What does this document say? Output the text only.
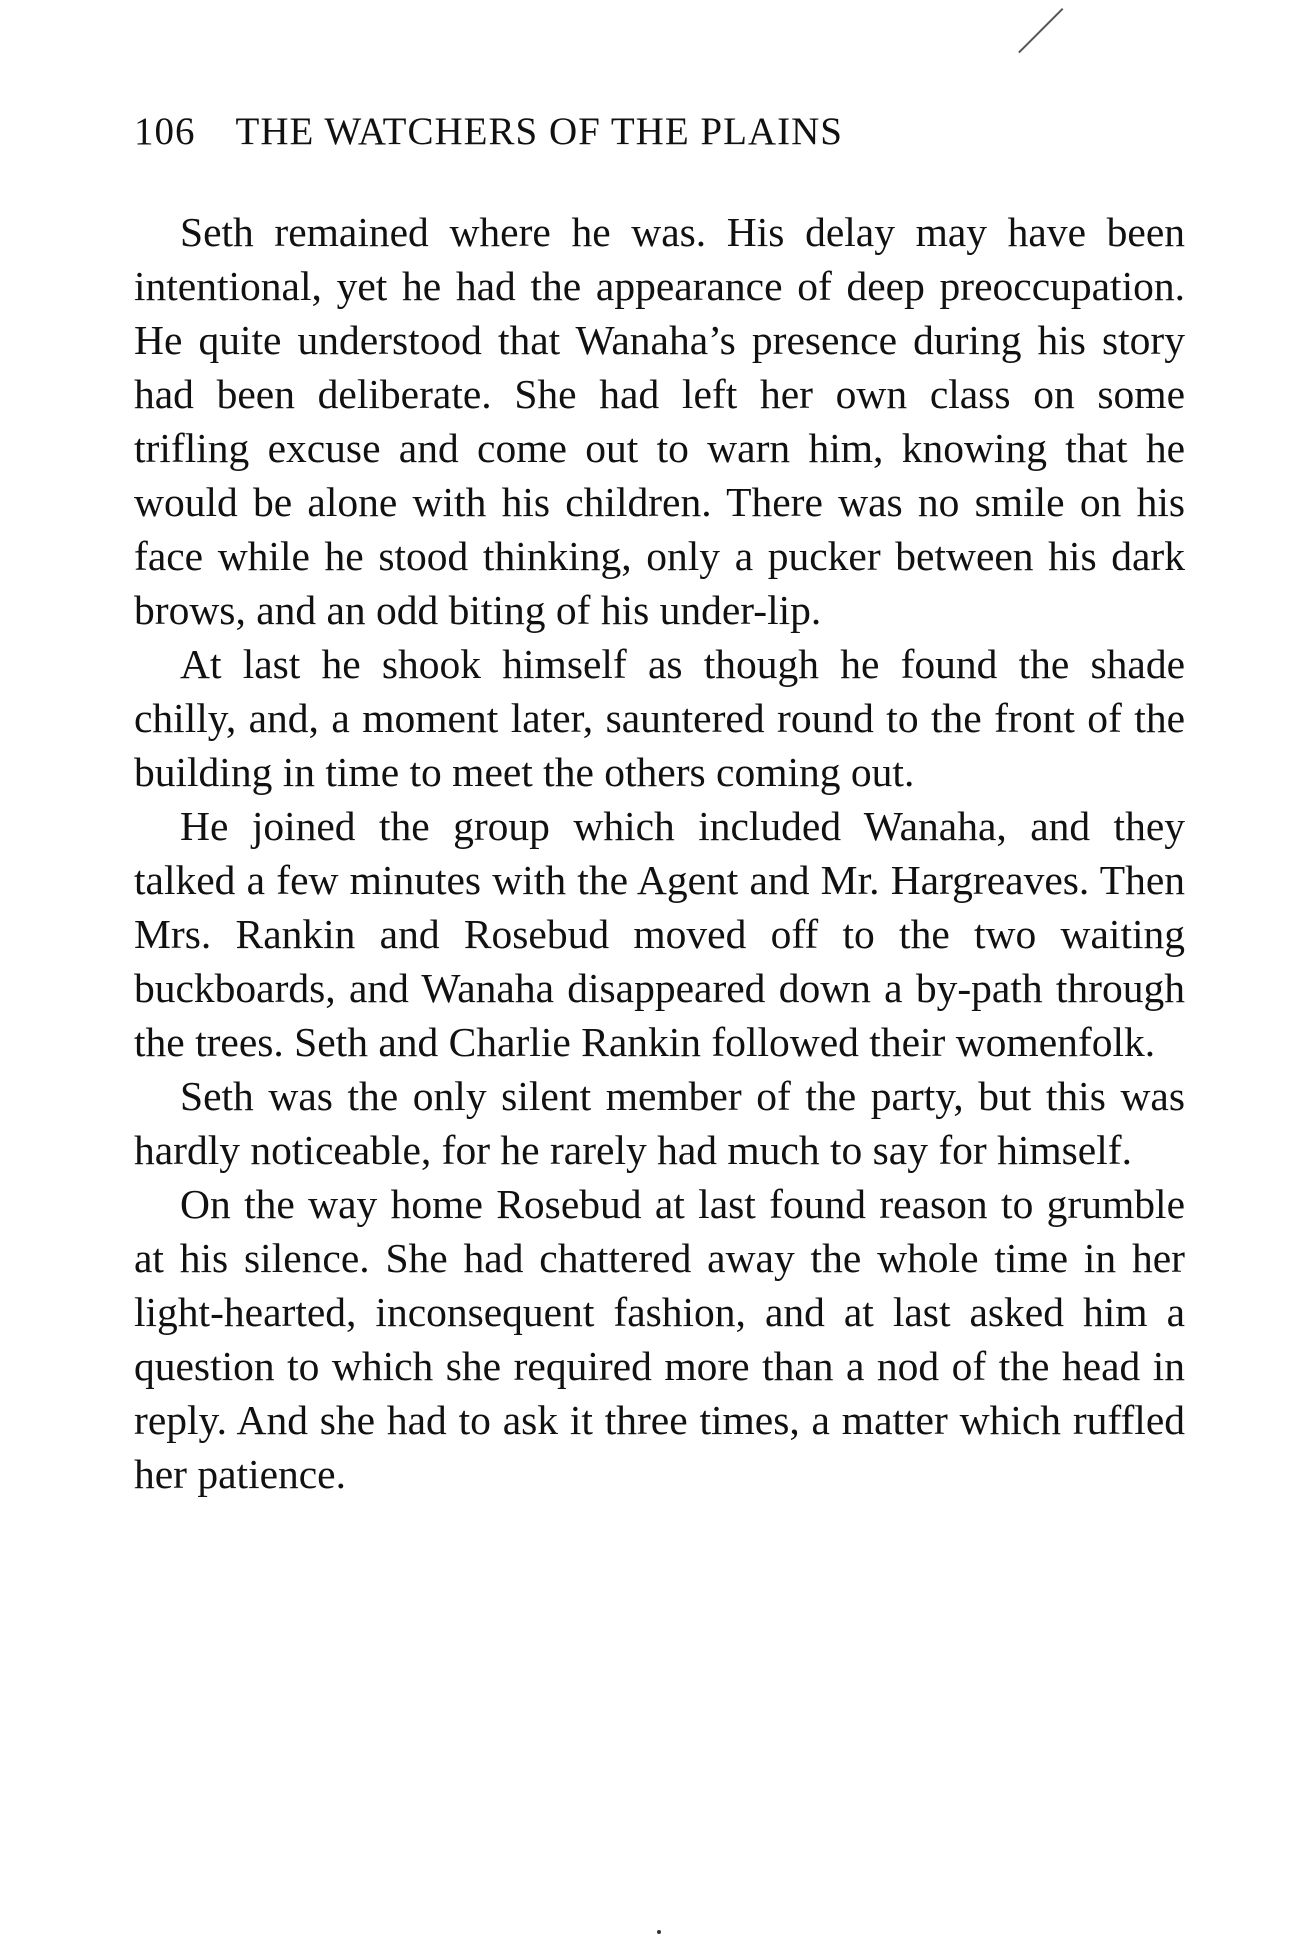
106 THE WATCHERS OF THE PLAINS

Seth remained where he was. His delay may have been intentional, yet he had the appearance of deep preoccupation. He quite understood that Wanaha’s presence during his story had been deliberate. She had left her own class on some trifling excuse and come out to warn him, knowing that he would be alone with his children. There was no smile on his face while he stood thinking, only a pucker between his dark brows, and an odd biting of his under-lip.

At last he shook himself as though he found the shade chilly, and, a moment later, sauntered round to the front of the building in time to meet the others coming out.

He joined the group which included Wanaha, and they talked a few minutes with the Agent and Mr. Hargreaves. Then Mrs. Rankin and Rosebud moved off to the two waiting buckboards, and Wanaha disappeared down a by-path through the trees. Seth and Charlie Rankin followed their womenfolk.

Seth was the only silent member of the party, but this was hardly noticeable, for he rarely had much to say for himself.

On the way home Rosebud at last found reason to grumble at his silence. She had chattered away the whole time in her light-hearted, inconsequent fashion, and at last asked him a question to which she required more than a nod of the head in reply. And she had to ask it three times, a matter which ruffled her patience.
